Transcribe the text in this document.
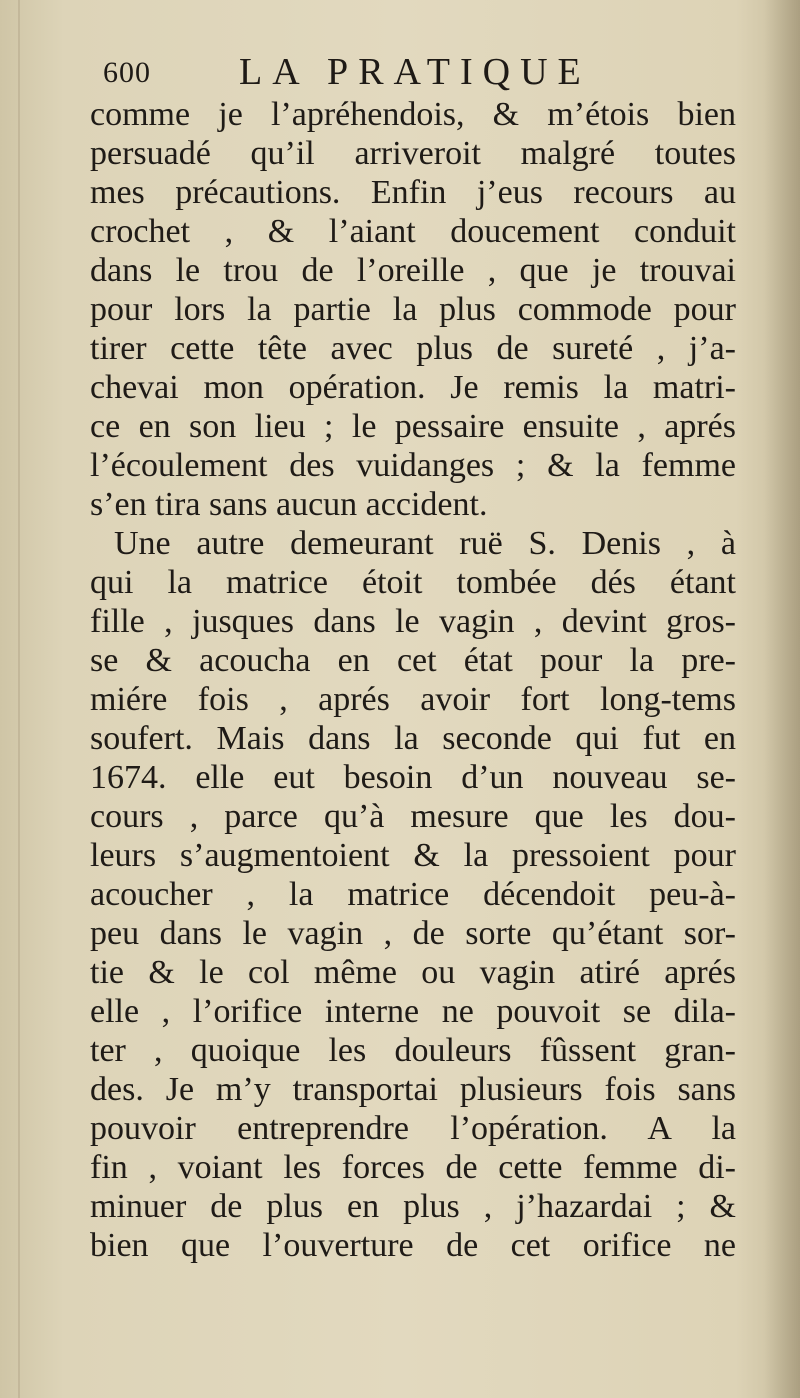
600 LA PRATIQUE
comme je l’apréhendois, & m’étois bien
persuadé qu’il arriveroit malgré toutes
mes précautions. Enfin j’eus recours au
crochet , & l’aiant doucement conduit
dans le trou de l’oreille , que je trouvai
pour lors la partie la plus commode pour
tirer cette tête avec plus de sureté , j’a-
chevai mon opération. Je remis la matri-
ce en son lieu ; le pessaire ensuite , aprés
l’écoulement des vuidanges ; & la femme
s’en tira sans aucun accident.
Une autre demeurant ruë S. Denis , à
qui la matrice étoit tombée dés étant
fille , jusques dans le vagin , devint gros-
se & acoucha en cet état pour la pre-
miére fois , aprés avoir fort long-tems
soufert. Mais dans la seconde qui fut en
1674. elle eut besoin d’un nouveau se-
cours , parce qu’à mesure que les dou-
leurs s’augmentoient & la pressoient pour
acoucher , la matrice décendoit peu-à-
peu dans le vagin , de sorte qu’étant sor-
tie & le col même ou vagin atiré aprés
elle , l’orifice interne ne pouvoit se dila-
ter , quoique les douleurs fûssent gran-
des. Je m’y transportai plusieurs fois sans
pouvoir entreprendre l’opération. A la
fin , voiant les forces de cette femme di-
minuer de plus en plus , j’hazardai ; &
bien que l’ouverture de cet orifice ne
